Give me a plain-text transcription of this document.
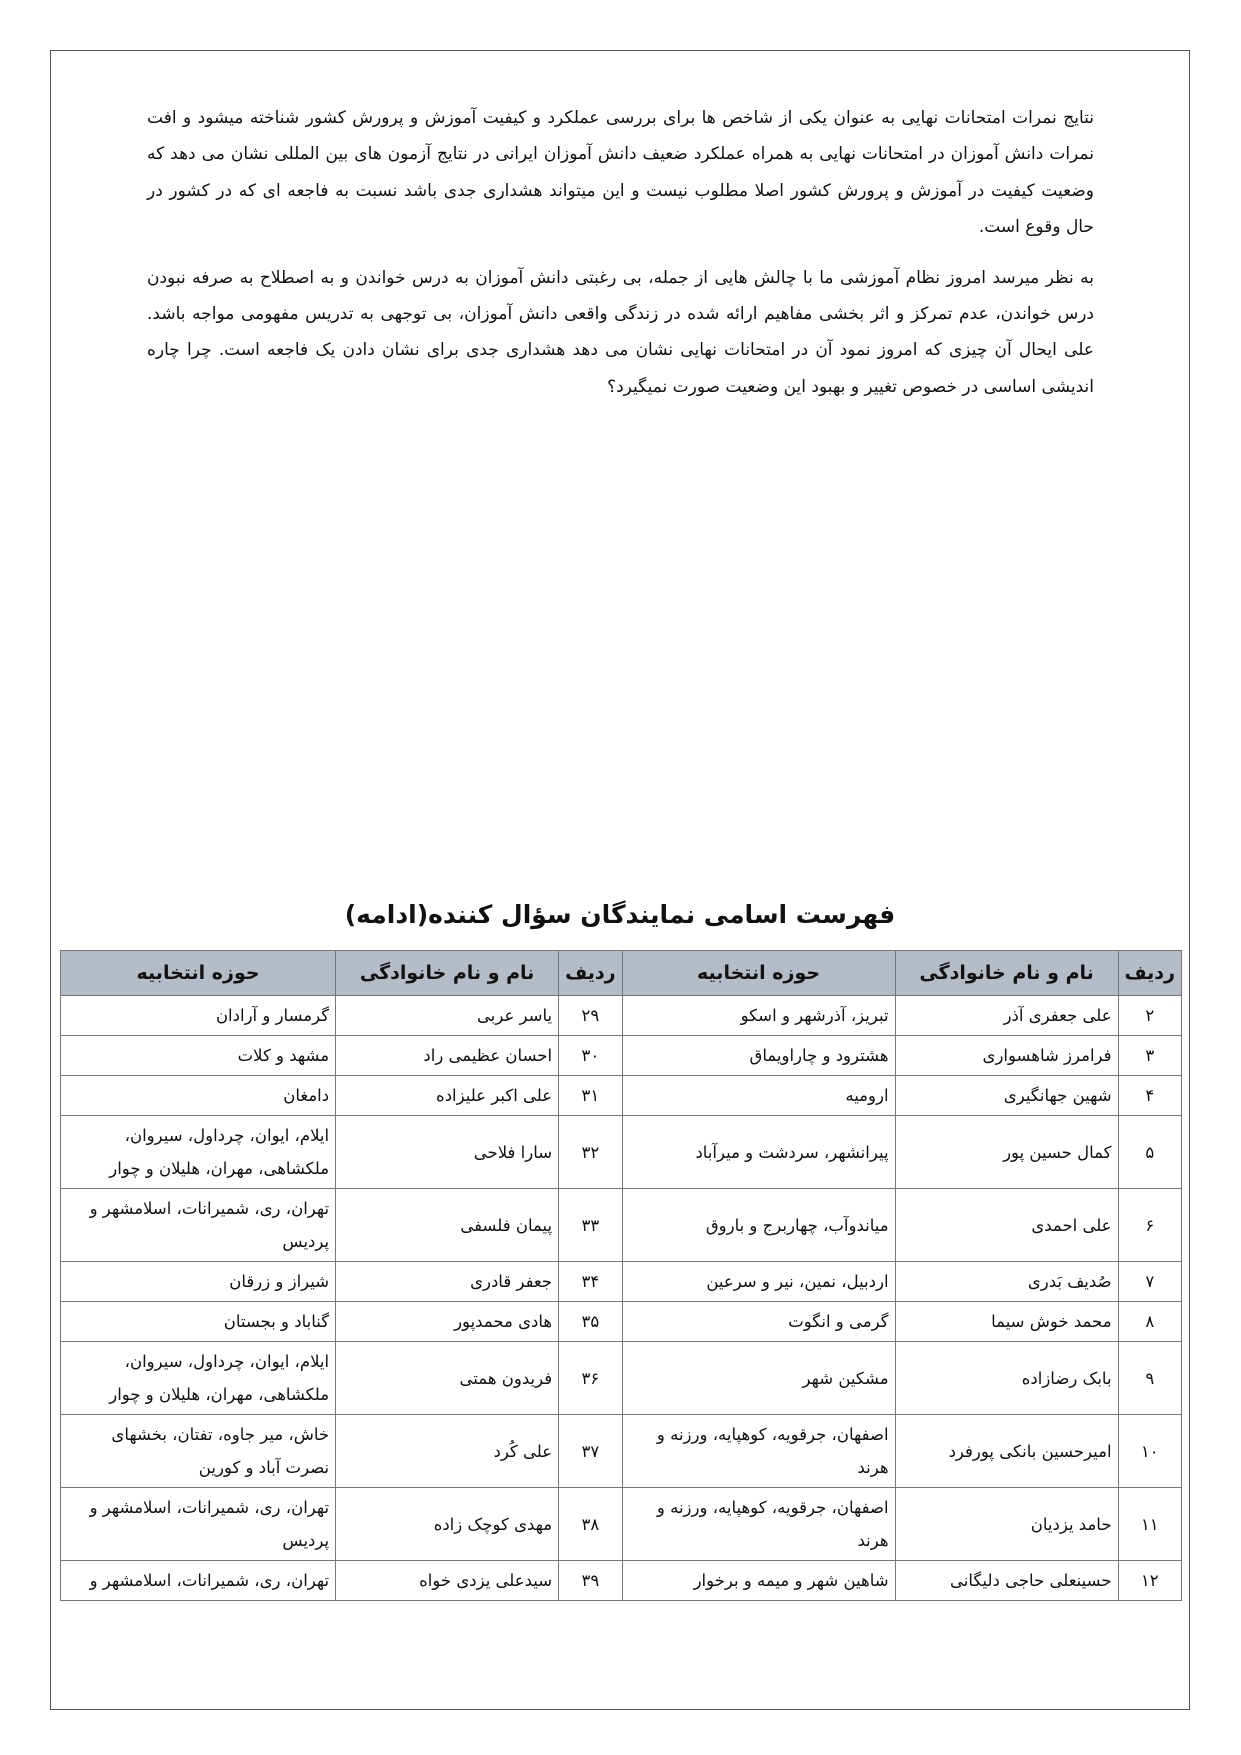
نتایج نمرات امتحانات نهایی به عنوان یکی از شاخص ها برای بررسی عملکرد و کیفیت آموزش و پرورش کشور شناخته میشود و افت نمرات دانش آموزان در امتحانات نهایی به همراه عملکرد ضعیف دانش آموزان ایرانی در نتایج آزمون های بین المللی نشان می دهد که وضعیت کیفیت در آموزش و پرورش کشور اصلا مطلوب نیست و این میتواند هشداری جدی باشد نسبت به فاجعه ای که در کشور در حال وقوع است.

به نظر میرسد امروز نظام آموزشی ما با چالش هایی از جمله، بی رغبتی دانش آموزان به درس خواندن و به اصطلاح به صرفه نبودن درس خواندن، عدم تمرکز و اثر بخشی مفاهیم ارائه شده در زندگی واقعی دانش آموزان، بی توجهی به تدریس مفهومی مواجه باشد. علی ایحال آن چیزی که امروز نمود آن در امتحانات نهایی نشان می دهد هشداری جدی برای نشان دادن یک فاجعه است. چرا چاره اندیشی اساسی در خصوص تغییر و بهبود این وضعیت صورت نمیگیرد؟

فهرست اسامی نمایندگان سؤال کننده(ادامه)
ردیف	نام و نام خانوادگی	حوزه انتخابیه	ردیف	نام و نام خانوادگی	حوزه انتخابیه
۲	علی جعفری آذر	تبریز، آذرشهر و اسکو	۲۹	یاسر عربی	گرمسار و آرادان
۳	فرامرز شاهسواری	هشترود و چاراویماق	۳۰	احسان عظیمی راد	مشهد و کلات
۴	شهین جهانگیری	ارومیه	۳۱	علی اکبر علیزاده	دامغان
۵	کمال حسین پور	پیرانشهر، سردشت و میرآباد	۳۲	سارا فلاحی	ایلام، ایوان، چرداول، سیروان، ملکشاهی، مهران، هلیلان و چوار
۶	علی احمدی	میاندوآب، چهاربرج و باروق	۳۳	پیمان فلسفی	تهران، ری، شمیرانات، اسلامشهر و پردیس
۷	صُدیف بَدری	اردبیل، نمین، نیر و سرعین	۳۴	جعفر قادری	شیراز و زرقان
۸	محمد خوش سیما	گرمی و انگوت	۳۵	هادی محمدپور	گناباد و بجستان
۹	بابک رضازاده	مشکین شهر	۳۶	فریدون همتی	ایلام، ایوان، چرداول، سیروان، ملکشاهی، مهران، هلیلان و چوار
۱۰	امیرحسین بانکی پورفرد	اصفهان، جرقویه، کوهپایه، ورزنه و هرند	۳۷	علی کُرد	خاش، میر جاوه، تفتان، بخشهای نصرت آباد و کورین
۱۱	حامد یزدیان	اصفهان، جرقویه، کوهپایه، ورزنه و هرند	۳۸	مهدی کوچک زاده	تهران، ری، شمیرانات، اسلامشهر و پردیس
۱۲	حسینعلی حاجی دلیگانی	شاهین شهر و میمه و برخوار	۳۹	سیدعلی یزدی خواه	تهران، ری، شمیرانات، اسلامشهر و
